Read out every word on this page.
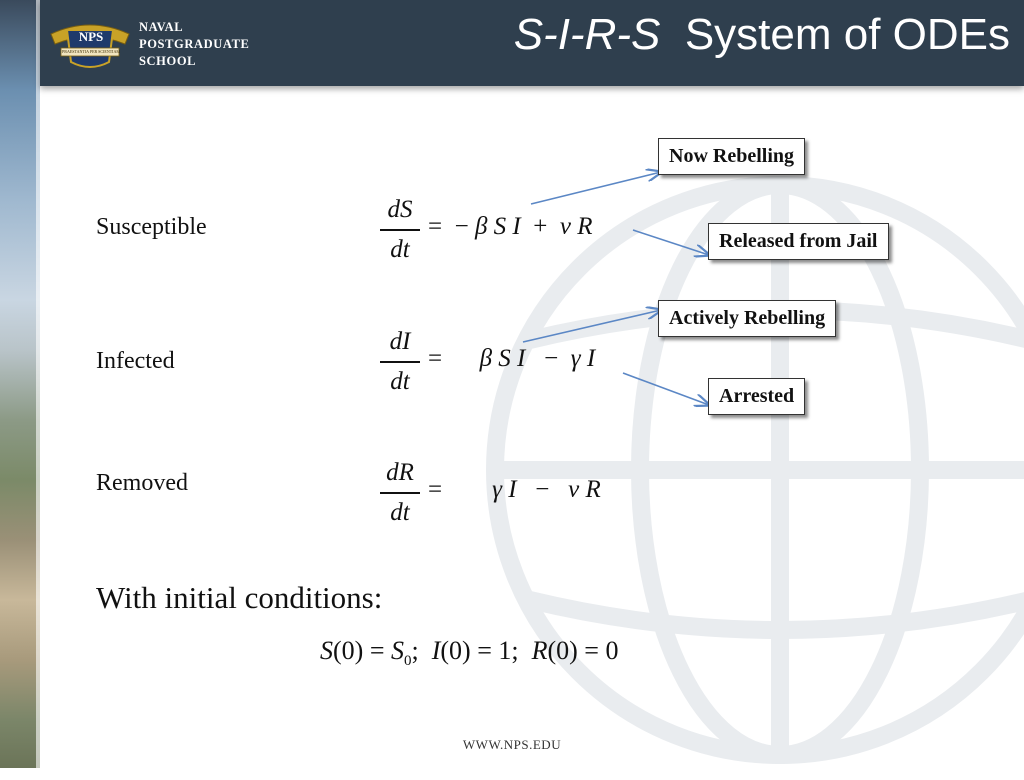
NPS
PRAESTANTIA PER SCIENTIAM
NAVAL
POSTGRADUATE
SCHOOL
S-I-R-S System of ODEs
Susceptible
Infected
Removed
dS
dt
=  − β S I  +  ν R
dI
dt
=      β S I   −  γ I
dR
dt
=        γ I   −   ν R
Now Rebelling
Released from Jail
Actively Rebelling
Arrested
With initial conditions:
$S(0) = S_0$;  I(0) = 1;  R(0) = 0
WWW.NPS.EDU
